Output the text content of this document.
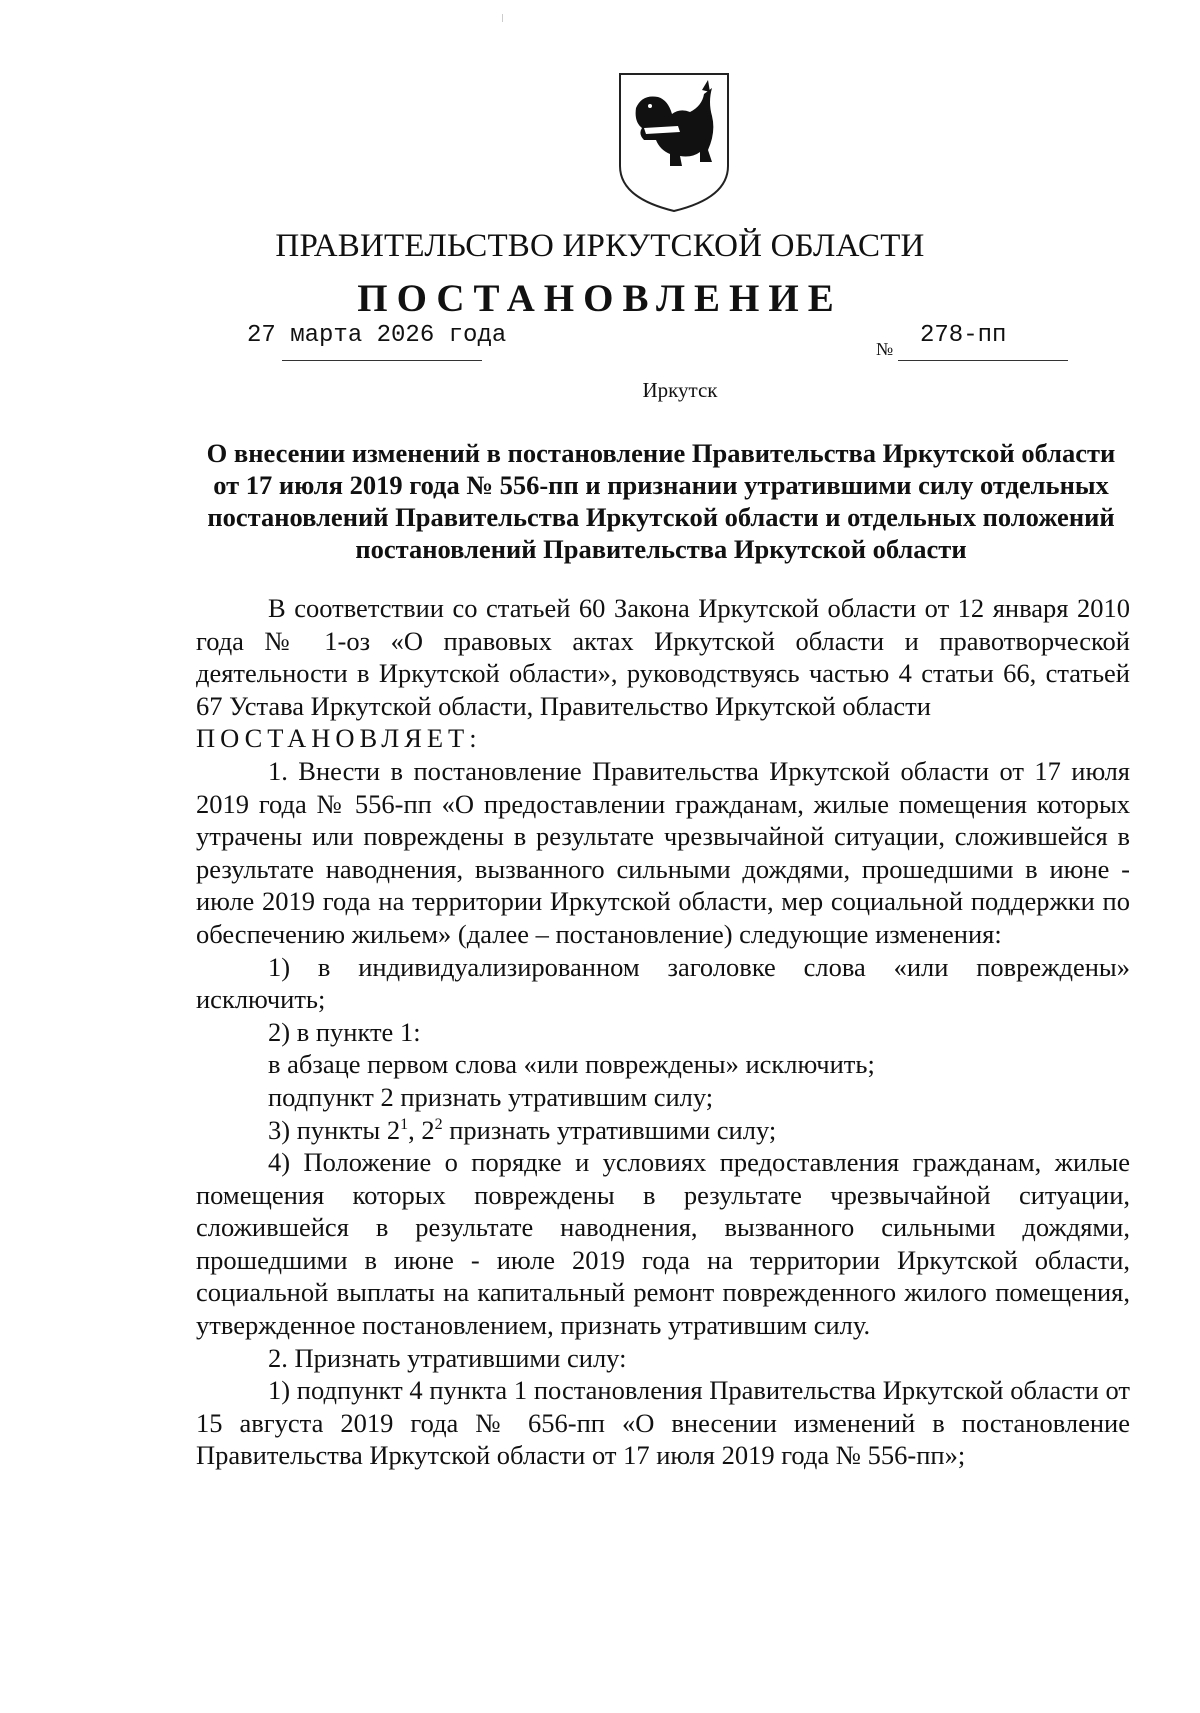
ПРАВИТЕЛЬСТВО ИРКУТСКОЙ ОБЛАСТИ
ПОСТАНОВЛЕНИЕ
27 марта 2026 года	№ 278-пп
Иркутск

О внесении изменений в постановление Правительства Иркутской области от 17 июля 2019 года № 556-пп и признании утратившими силу отдельных постановлений Правительства Иркутской области и отдельных положений постановлений Правительства Иркутской области

В соответствии со статьей 60 Закона Иркутской области от 12 января 2010 года № 1-оз «О правовых актах Иркутской области и правотворческой деятельности в Иркутской области», руководствуясь частью 4 статьи 66, статьей 67 Устава Иркутской области, Правительство Иркутской области

ПОСТАНОВЛЯЕТ:

1. Внести в постановление Правительства Иркутской области от 17 июля 2019 года № 556-пп «О предоставлении гражданам, жилые помещения которых утрачены или повреждены в результате чрезвычайной ситуации, сложившейся в результате наводнения, вызванного сильными дождями, прошедшими в июне - июле 2019 года на территории Иркутской области, мер социальной поддержки по обеспечению жильем» (далее – постановление) следующие изменения:

1) в индивидуализированном заголовке слова «или повреждены» исключить;

2) в пункте 1:

в абзаце первом слова «или повреждены» исключить;

подпункт 2 признать утратившим силу;

3) пункты $2^1$, $2^2$ признать утратившими силу;

4) Положение о порядке и условиях предоставления гражданам, жилые помещения которых повреждены в результате чрезвычайной ситуации, сложившейся в результате наводнения, вызванного сильными дождями, прошедшими в июне - июле 2019 года на территории Иркутской области, социальной выплаты на капитальный ремонт поврежденного жилого помещения, утвержденное постановлением, признать утратившим силу.

2. Признать утратившими силу:

1) подпункт 4 пункта 1 постановления Правительства Иркутской области от 15 августа 2019 года № 656-пп «О внесении изменений в постановление Правительства Иркутской области от 17 июля 2019 года № 556-пп»;
